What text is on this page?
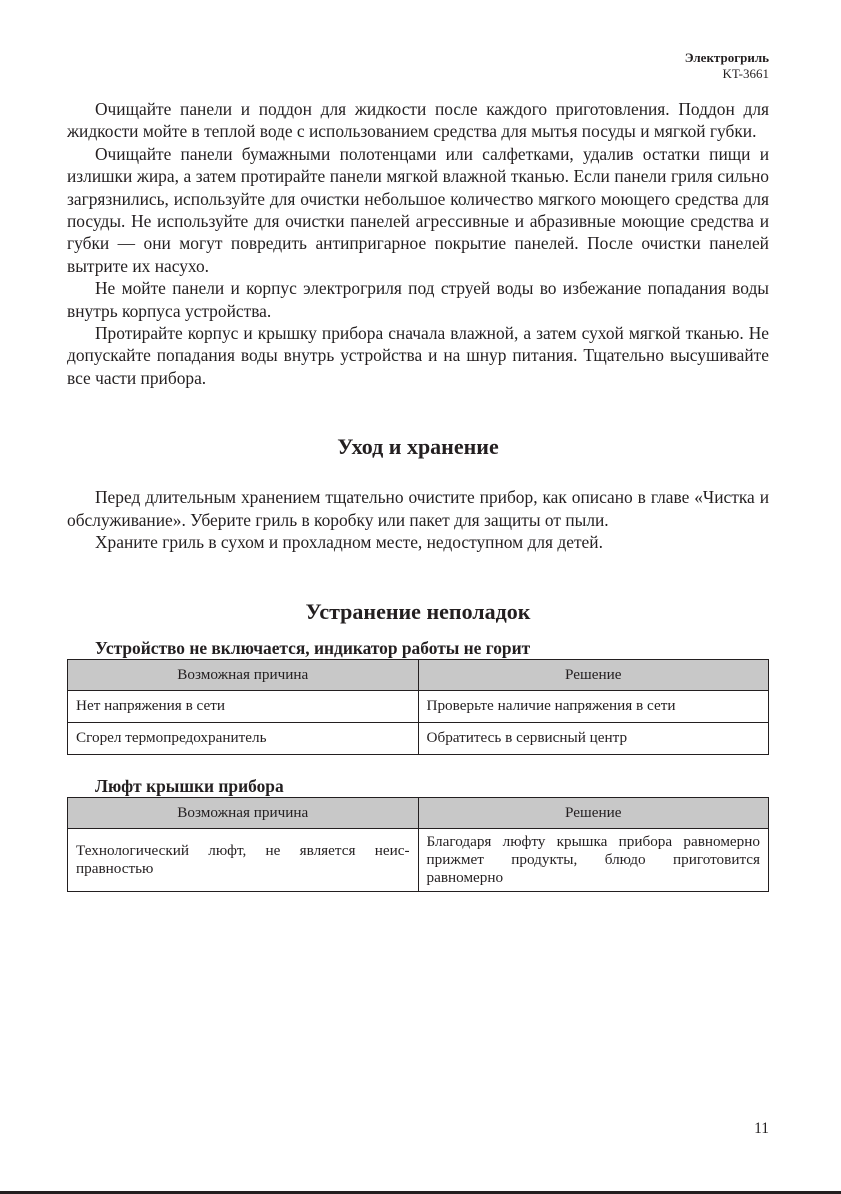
Электрогриль
KT-3661

Очищайте панели и поддон для жидкости после каждого приготовления. Поддон для жидкости мойте в теплой воде с использованием средства для мытья посуды и мягкой губки.

Очищайте панели бумажными полотенцами или салфетками, удалив остатки пищи и излишки жира, а затем протирайте панели мягкой влажной тканью. Если панели гриля сильно загрязнились, используйте для очистки небольшое количество мягкого моющего средства для посуды. Не используйте для очистки панелей агрессивные и абразивные моющие средства и губки — они могут повредить антипригарное покрытие панелей. После очистки панелей вытрите их насухо.

Не мойте панели и корпус электрогриля под струей воды во избежание попадания воды внутрь корпуса устройства.

Протирайте корпус и крышку прибора сначала влажной, а затем сухой мягкой тканью. Не допускайте попадания воды внутрь устройства и на шнур питания. Тщательно высушивайте все части прибора.

Уход и хранение

Перед длительным хранением тщательно очистите прибор, как описано в главе «Чистка и обслуживание». Уберите гриль в коробку или пакет для защиты от пыли.

Храните гриль в сухом и прохладном месте, недоступном для детей.

Устранение неполадок
Устройство не включается, индикатор работы не горит
Возможная причина	Решение
Нет напряжения в сети	Проверьте наличие напряжения в сети
Сгорел термопредохранитель	Обратитесь в сервисный центр
Люфт крышки прибора
Возможная причина	Решение
Технологический люфт, не является неисправностью	Благодаря люфту крышка прибора равномерно прижмет продукты, блюдо приготовится равномерно
11
